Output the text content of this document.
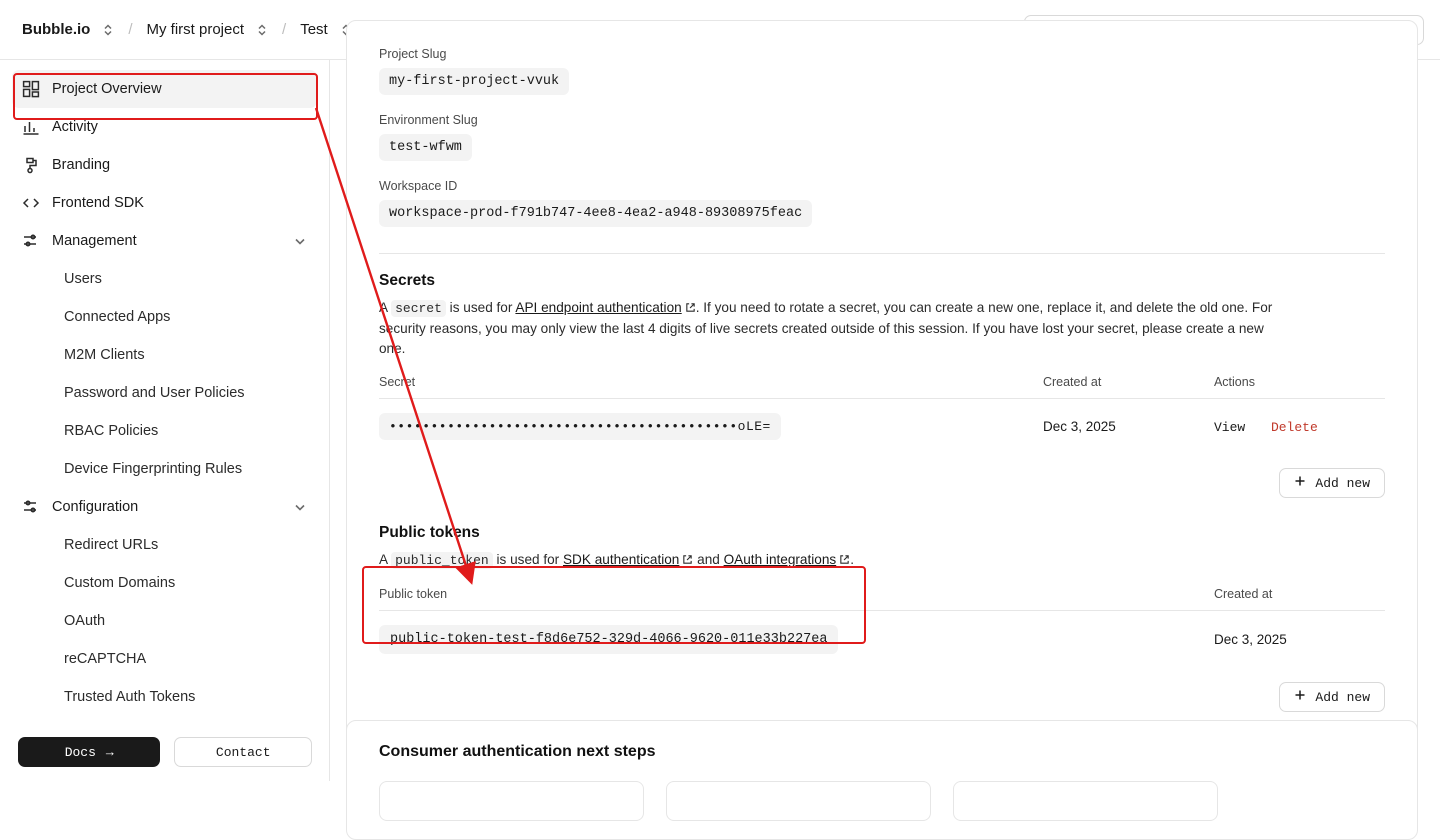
Bubble.io	/ My first project	/ Test
Go to...
Project Overview
Activity
Branding
Frontend SDK
Management
Users
Connected Apps
M2M Clients
Password and User Policies
RBAC Policies
Device Fingerprinting Rules
Configuration
Redirect URLs
Custom Domains
OAuth
reCAPTCHA
Trusted Auth Tokens
Docs →	Contact
Project Slug
my-first-project-vvuk
Environment Slug
test-wfwm
Workspace ID
workspace-prod-f791b747-4ee8-4ea2-a948-89308975feac
Secrets
A secret is used for API endpoint authentication . If you need to rotate a secret, you can create a new one, replace it, and delete the old one. For security reasons, you may only view the last 4 digits of live secrets created outside of this session. If you have lost your secret, please create a new one.
Secret	Created at	Actions
••••••••••••••••••••••••••••••••••••••••••oLE=	Dec 3, 2025	View Delete
Add new
Public tokens
A public_token is used for SDK authentication and OAuth integrations .
Public token	Created at
public-token-test-f8d6e752-329d-4066-9620-011e33b227ea	Dec 3, 2025
Add new
Consumer authentication next steps
